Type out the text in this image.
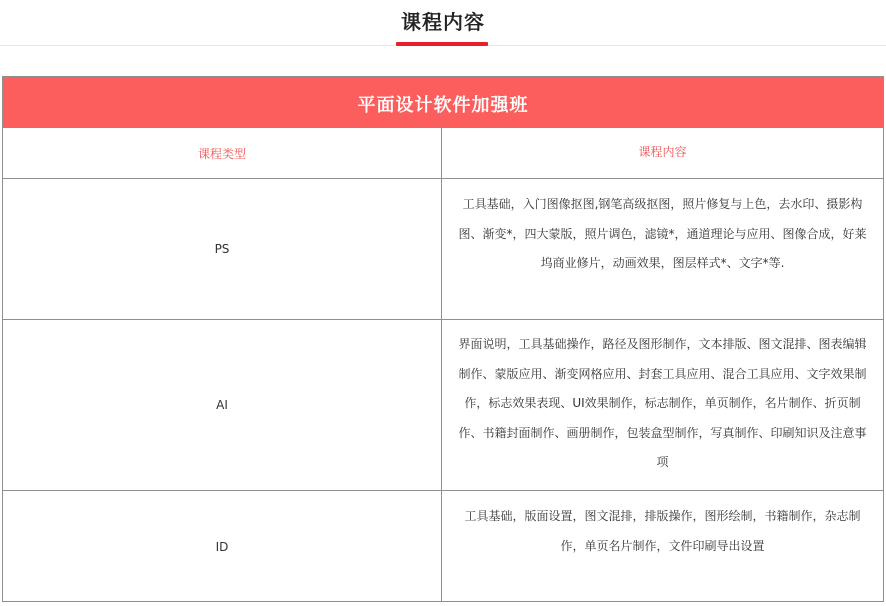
课程内容
平面设计软件加强班
课程类型	课程内容
PS
工具基础，入门图像抠图,钢笔高级抠图，照片修复与上色，去水印、摄影构图、渐变*，四大蒙版，照片调色，滤镜*，通道理论与应用、图像合成，好莱坞商业修片，动画效果，图层样式*、文字*等.
AI
界面说明，工具基础操作，路径及图形制作，文本排版、图文混排、图表编辑制作、蒙版应用、渐变网格应用、封套工具应用、混合工具应用、文字效果制作，标志效果表现、UI效果制作，标志制作，单页制作，名片制作、折页制作、书籍封面制作、画册制作，包装盒型制作，写真制作、印刷知识及注意事项
ID
工具基础，版面设置，图文混排，排版操作，图形绘制，书籍制作，杂志制作，单页名片制作，文件印刷导出设置
